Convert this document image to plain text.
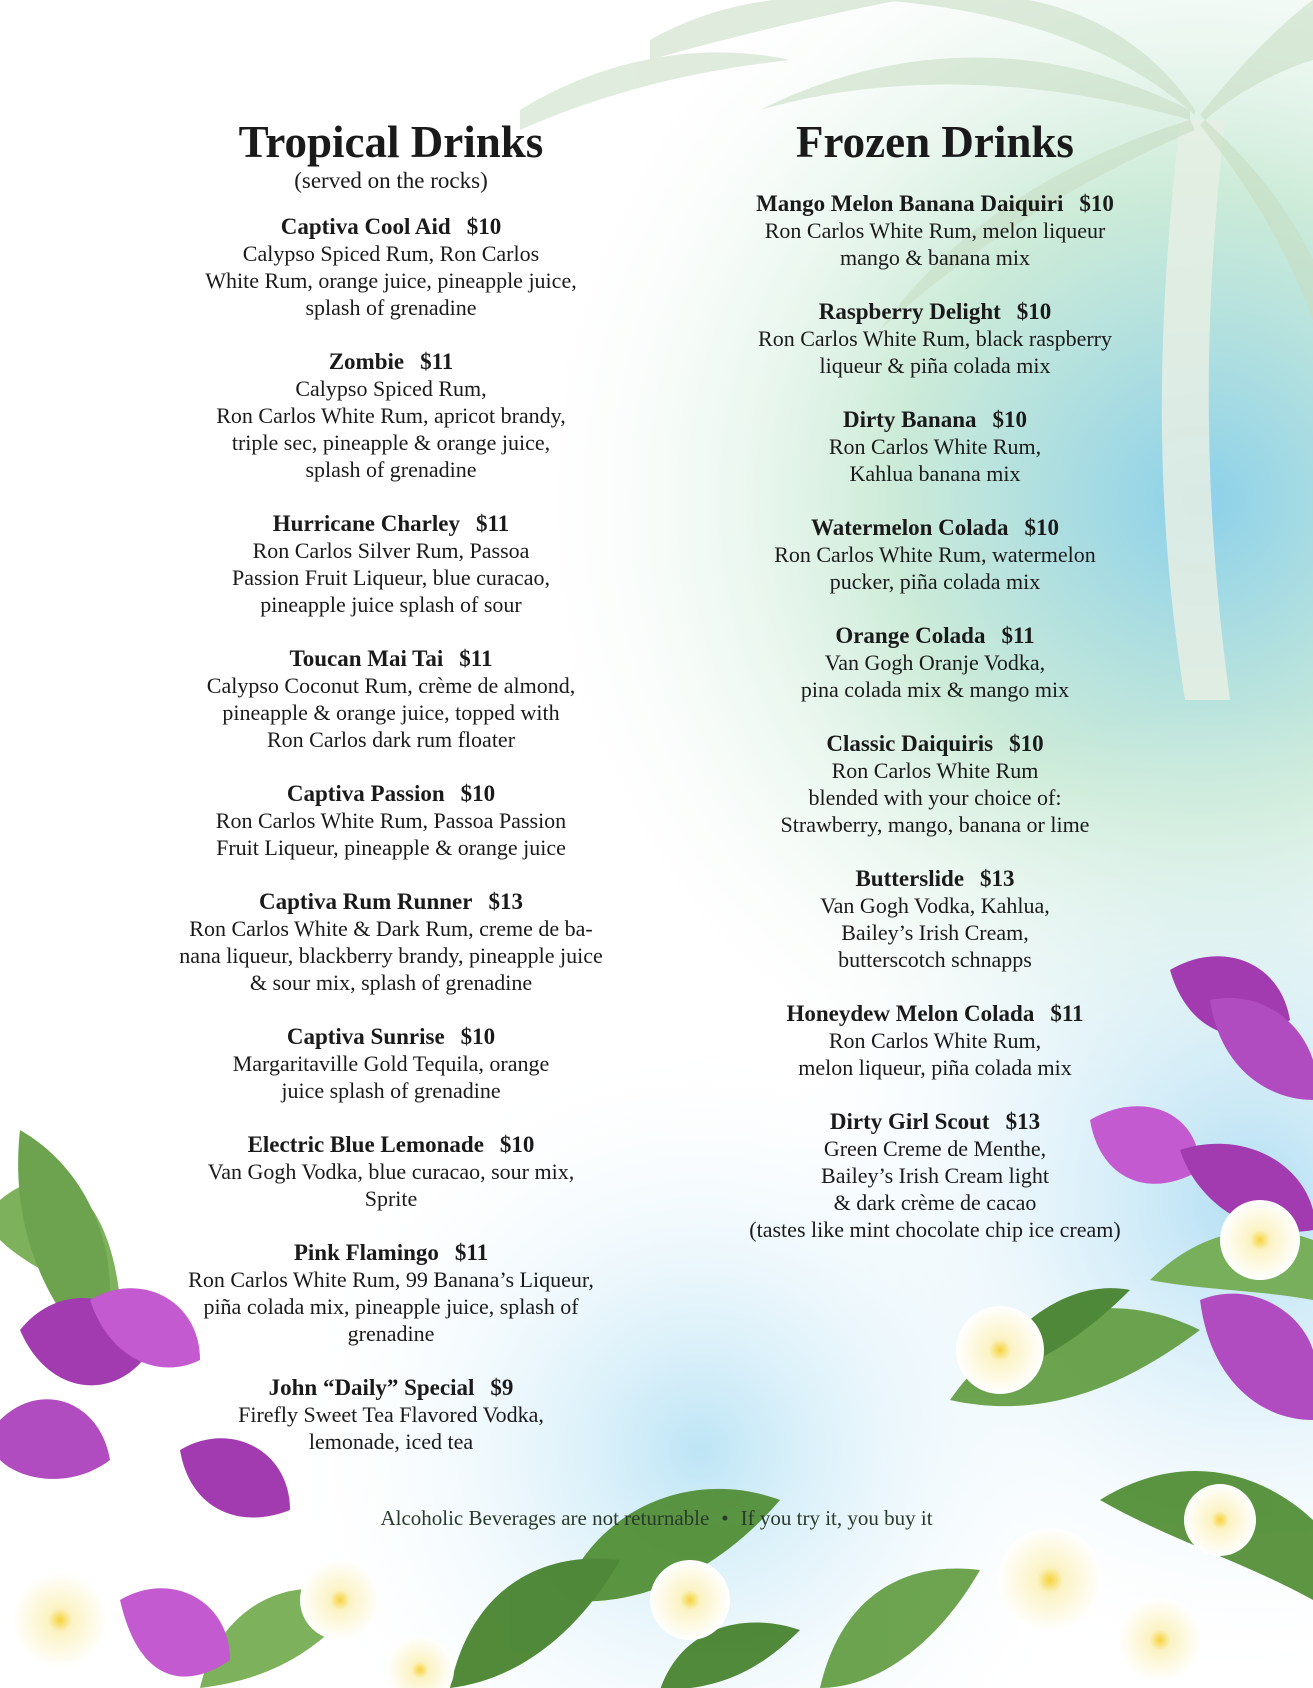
Tropical Drinks
(served on the rocks)
Captiva Cool Aid $10
Calypso Spiced Rum, Ron Carlos
White Rum, orange juice, pineapple juice,
splash of grenadine
Zombie $11
Calypso Spiced Rum,
Ron Carlos White Rum, apricot brandy,
triple sec, pineapple & orange juice,
splash of grenadine
Hurricane Charley $11
Ron Carlos Silver Rum, Passoa
Passion Fruit Liqueur, blue curacao,
pineapple juice splash of sour
Toucan Mai Tai $11
Calypso Coconut Rum, crème de almond,
pineapple & orange juice, topped with
Ron Carlos dark rum floater
Captiva Passion $10
Ron Carlos White Rum, Passoa Passion
Fruit Liqueur, pineapple & orange juice
Captiva Rum Runner $13
Ron Carlos White & Dark Rum, creme de ba-
nana liqueur, blackberry brandy, pineapple juice
& sour mix, splash of grenadine
Captiva Sunrise $10
Margaritaville Gold Tequila, orange
juice splash of grenadine
Electric Blue Lemonade $10
Van Gogh Vodka, blue curacao, sour mix,
Sprite
Pink Flamingo $11
Ron Carlos White Rum, 99 Banana’s Liqueur,
piña colada mix, pineapple juice, splash of
grenadine
John “Daily” Special $9
Firefly Sweet Tea Flavored Vodka,
lemonade, iced tea
Frozen Drinks
Mango Melon Banana Daiquiri $10
Ron Carlos White Rum, melon liqueur
mango & banana mix
Raspberry Delight $10
Ron Carlos White Rum, black raspberry
liqueur & piña colada mix
Dirty Banana $10
Ron Carlos White Rum,
Kahlua banana mix
Watermelon Colada $10
Ron Carlos White Rum, watermelon
pucker, piña colada mix
Orange Colada $11
Van Gogh Oranje Vodka,
pina colada mix & mango mix
Classic Daiquiris $10
Ron Carlos White Rum
blended with your choice of:
Strawberry, mango, banana or lime
Butterslide $13
Van Gogh Vodka, Kahlua,
Bailey’s Irish Cream,
butterscotch schnapps
Honeydew Melon Colada $11
Ron Carlos White Rum,
melon liqueur, piña colada mix
Dirty Girl Scout $13
Green Creme de Menthe,
Bailey’s Irish Cream light
& dark crème de cacao
(tastes like mint chocolate chip ice cream)
Alcoholic Beverages are not returnable • If you try it, you buy it
